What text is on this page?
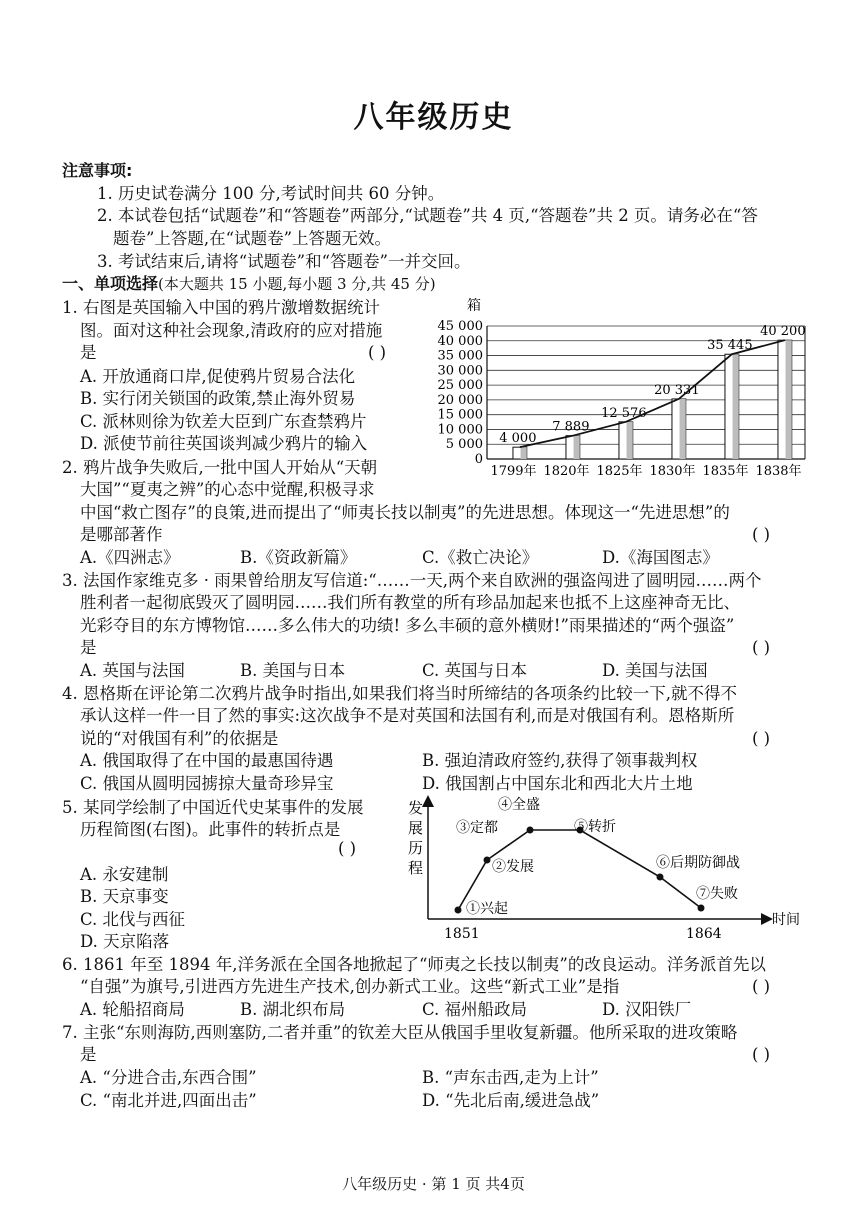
八年级历史
注意事项:
1. 历史试卷满分 100 分,考试时间共 60 分钟。
2. 本试卷包括“试题卷”和“答题卷”两部分,“试题卷”共 4 页,“答题卷”共 2 页。请务必在“答
题卷”上答题,在“试题卷”上答题无效。
3. 考试结束后,请将“试题卷”和“答题卷”一并交回。
一、单项选择(本大题共 15 小题,每小题 3 分,共 45 分)
1. 右图是英国输入中国的鸦片激增数据统计
图。面对这种社会现象,清政府的应对措施
是	( )
A. 开放通商口岸,促使鸦片贸易合法化
B. 实行闭关锁国的政策,禁止海外贸易
C. 派林则徐为钦差大臣到广东查禁鸦片
D. 派使节前往英国谈判减少鸦片的输入
箱
45 000
40 000
35 000
30 000
25 000
20 000
15 000
10 000
5 000
0
1799年
4 000
1820年
7 889
1825年
12 576
1830年
20 331
1835年
35 445
1838年
40 200
2. 鸦片战争失败后,一批中国人开始从“天朝
大国”“夏夷之辨”的心态中觉醒,积极寻求
中国“救亡图存”的良策,进而提出了“师夷长技以制夷”的先进思想。体现这一“先进思想”的
是哪部著作	( )
A.《四洲志》	B.《资政新篇》	C.《救亡决论》	D.《海国图志》
3. 法国作家维克多 · 雨果曾给朋友写信道:“……一天,两个来自欧洲的强盗闯进了圆明园……两个
胜利者一起彻底毁灭了圆明园……我们所有教堂的所有珍品加起来也抵不上这座神奇无比、
光彩夺目的东方博物馆……多么伟大的功绩! 多么丰硕的意外横财!”雨果描述的“两个强盗”
是	( )
A. 英国与法国	B. 美国与日本	C. 英国与日本	D. 美国与法国
4. 恩格斯在评论第二次鸦片战争时指出,如果我们将当时所缔结的各项条约比较一下,就不得不
承认这样一件一目了然的事实:这次战争不是对英国和法国有利,而是对俄国有利。恩格斯所
说的“对俄国有利”的依据是	( )
A. 俄国取得了在中国的最惠国待遇	B. 强迫清政府签约,获得了领事裁判权
C. 俄国从圆明园掳掠大量奇珍异宝	D. 俄国割占中国东北和西北大片土地
5. 某同学绘制了中国近代史某事件的发展
历程简图(右图)。此事件的转折点是
( )
A. 永安建制
B. 天京事变
C. 北伐与西征
D. 天京陷落
发
展
历
程
时间
1851	1864
①兴起
②发展
③定都
④全盛
⑤转折
⑥后期防御战
⑦失败
6. 1861 年至 1894 年,洋务派在全国各地掀起了“师夷之长技以制夷”的改良运动。洋务派首先以
“自强”为旗号,引进西方先进生产技术,创办新式工业。这些“新式工业”是指	( )
A. 轮船招商局	B. 湖北织布局	C. 福州船政局	D. 汉阳铁厂
7. 主张“东则海防,西则塞防,二者并重”的钦差大臣从俄国手里收复新疆。他所采取的进攻策略
是	( )
A. “分进合击,东西合围”	B. “声东击西,走为上计”
C. “南北并进,四面出击”	D. “先北后南,缓进急战”
八年级历史 · 第 1 页 共4页
